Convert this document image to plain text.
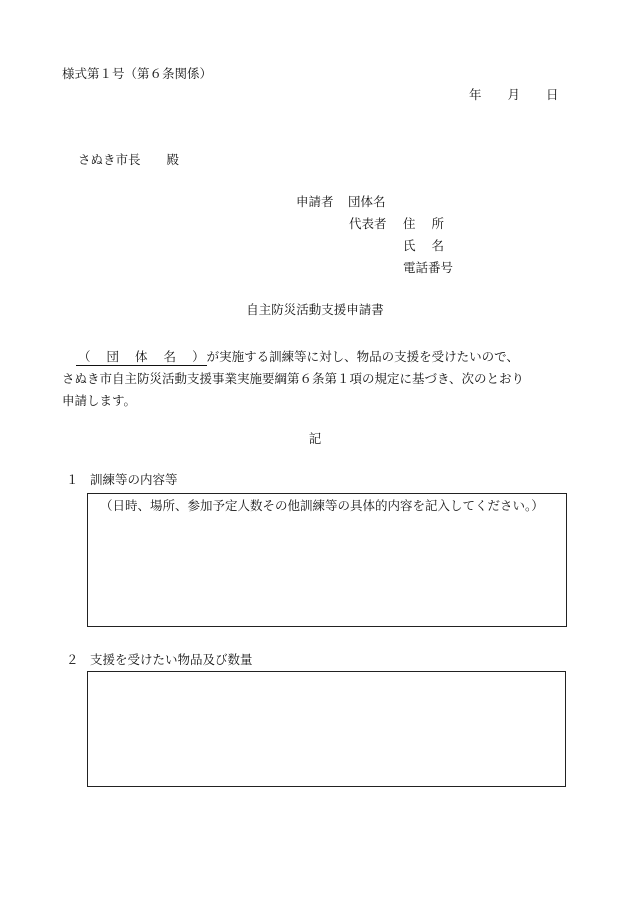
様式第１号（第６条関係）
年 月 日
さぬき市長 殿
申請者 団体名
代表者 住 所
氏 名
電話番号
自主防災活動支援申請書
（ 団 体 名 ） が実施する訓練等に対し、物品の支援を受けたいので、
さぬき市自主防災活動支援事業実施要綱第６条第１項の規定に基づき、次のとおり
申請します。
記
１ 訓練等の内容等
（日時、場所、参加予定人数その他訓練等の具体的内容を記入してください。）
２ 支援を受けたい物品及び数量
